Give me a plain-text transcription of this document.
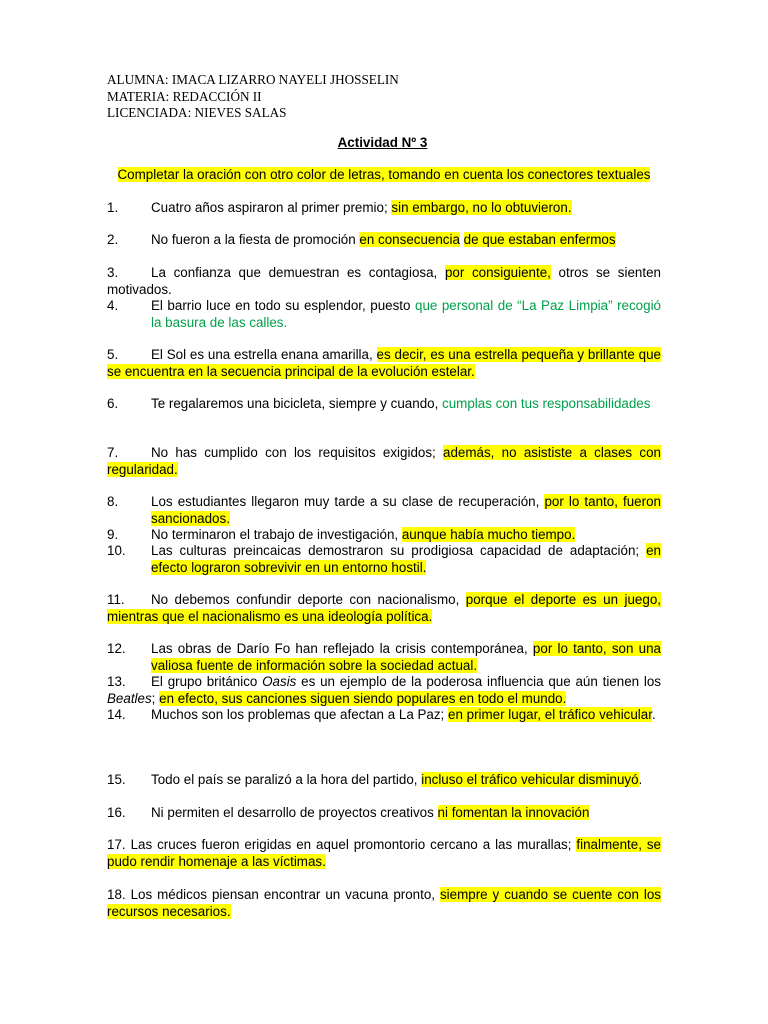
ALUMNA: IMACA LIZARRO NAYELI JHOSSELIN
MATERIA: REDACCIÓN II
LICENCIADA: NIEVES SALAS
Actividad Nº 3
Completar la oración con otro color de letras, tomando en cuenta los conectores textuales
1. Cuatro años aspiraron al primer premio; sin embargo, no lo obtuvieron.
2. No fueron a la fiesta de promoción en consecuencia de que estaban enfermos
3. La confianza que demuestran es contagiosa, por consiguiente, otros se sienten motivados.
4.	El barrio luce en todo su esplendor, puesto que personal de “La Paz Limpia” recogió la basura de las calles.
5. El Sol es una estrella enana amarilla, es decir, es una estrella pequeña y brillante que se encuentra en la secuencia principal de la evolución estelar.
6. Te regalaremos una bicicleta, siempre y cuando, cumplas con tus responsabilidades
7. No has cumplido con los requisitos exigidos; además, no asististe a clases con regularidad.
8.	Los estudiantes llegaron muy tarde a su clase de recuperación, por lo tanto, fueron sancionados.
9. No terminaron el trabajo de investigación, aunque había mucho tiempo.
10.	Las culturas preincaicas demostraron su prodigiosa capacidad de adaptación; en efecto lograron sobrevivir en un entorno hostil.
11. No debemos confundir deporte con nacionalismo, porque el deporte es un juego, mientras que el nacionalismo es una ideología política.
12.	Las obras de Darío Fo han reflejado la crisis contemporánea, por lo tanto, son una valiosa fuente de información sobre la sociedad actual.
13. El grupo británico Oasis es un ejemplo de la poderosa influencia que aún tienen los Beatles; en efecto, sus canciones siguen siendo populares en todo el mundo.
14. Muchos son los problemas que afectan a La Paz; en primer lugar, el tráfico vehicular.
15. Todo el país se paralizó a la hora del partido, incluso el tráfico vehicular disminuyó.
16. Ni permiten el desarrollo de proyectos creativos ni fomentan la innovación
17. Las cruces fueron erigidas en aquel promontorio cercano a las murallas; finalmente, se pudo rendir homenaje a las víctimas.
18. Los médicos piensan encontrar un vacuna pronto, siempre y cuando se cuente con los recursos necesarios.
